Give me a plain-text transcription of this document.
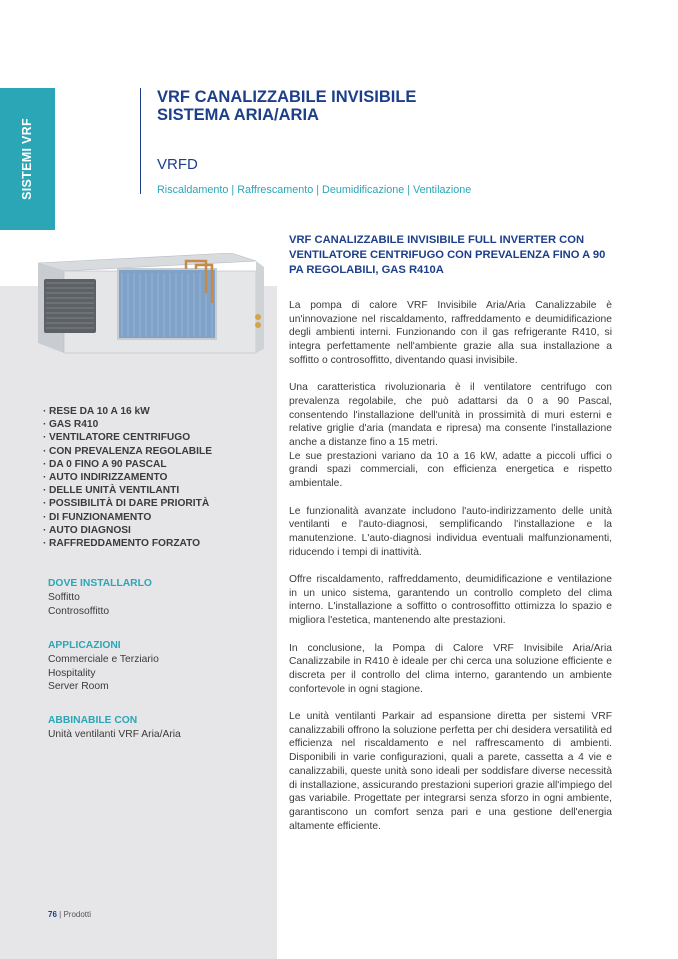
SISTEMI VRF
VRF CANALIZZABILE INVISIBILE
SISTEMA ARIA/ARIA
VRFD
Riscaldamento | Raffrescamento | Deumidificazione | Ventilazione
VRF CANALIZZABILE INVISIBILE FULL INVERTER CON VENTILATORE CENTRIFUGO CON PREVALENZA FINO A 90 PA REGOLABILI, GAS R410A
· RESE DA 10 A 16 kW
· GAS R410
· VENTILATORE CENTRIFUGO
· CON PREVALENZA REGOLABILE
· DA 0 FINO A 90 PASCAL
· AUTO INDIRIZZAMENTO
· DELLE UNITÀ VENTILANTI
· POSSIBILITÀ DI DARE PRIORITÀ
· DI FUNZIONAMENTO
· AUTO DIAGNOSI
· RAFFREDDAMENTO FORZATO
DOVE INSTALLARLO
Soffitto
Controsoffitto
APPLICAZIONI
Commerciale e Terziario
Hospitality
Server Room
ABBINABILE CON
Unità ventilanti VRF Aria/Aria

La pompa di calore VRF Invisibile Aria/Aria Canalizzabile è un'innovazione nel riscaldamento, raffreddamento e deumidificazione degli ambienti interni. Funzionando con il gas refrigerante R410, si integra perfettamente nell'ambiente grazie alla sua installazione a soffitto o controsoffitto, diventando quasi invisibile.

Una caratteristica rivoluzionaria è il ventilatore centrifugo con prevalenza regolabile, che può adattarsi da 0 a 90 Pascal, consentendo l'installazione dell'unità in prossimità di muri esterni e relative griglie d'aria (mandata e ripresa) ma consente l'installazione anche a distanze fino a 15 metri.

Le sue prestazioni variano da 10 a 16 kW, adatte a piccoli uffici o grandi spazi commerciali, con efficienza energetica e rispetto ambientale.

Le funzionalità avanzate includono l'auto-indirizzamento delle unità ventilanti e l'auto-diagnosi, semplificando l'installazione e la manutenzione. L'auto-diagnosi individua eventuali malfunzionamenti, riducendo i tempi di inattività.

Offre riscaldamento, raffreddamento, deumidificazione e ventilazione in un unico sistema, garantendo un controllo completo del clima interno. L'installazione a soffitto o controsoffitto ottimizza lo spazio e migliora l'estetica, mantenendo alte prestazioni.

In conclusione, la Pompa di Calore VRF Invisibile Aria/Aria Canalizzabile in R410 è ideale per chi cerca una soluzione efficiente e discreta per il controllo del clima interno, garantendo un ambiente confortevole in ogni stagione.

Le unità ventilanti Parkair ad espansione diretta per sistemi VRF canalizzabili offrono la soluzione perfetta per chi desidera versatilità ed efficienza nel riscaldamento e nel raffrescamento di ambienti. Disponibili in varie configurazioni, quali a parete, cassetta a 4 vie e canalizzabili, queste unità sono ideali per soddisfare diverse necessità di installazione, assicurando prestazioni superiori grazie all'impiego del gas variabile. Progettate per integrarsi senza sforzo in ogni ambiente, garantiscono un comfort senza pari e una gestione dell'energia altamente efficiente.

76 | Prodotti
